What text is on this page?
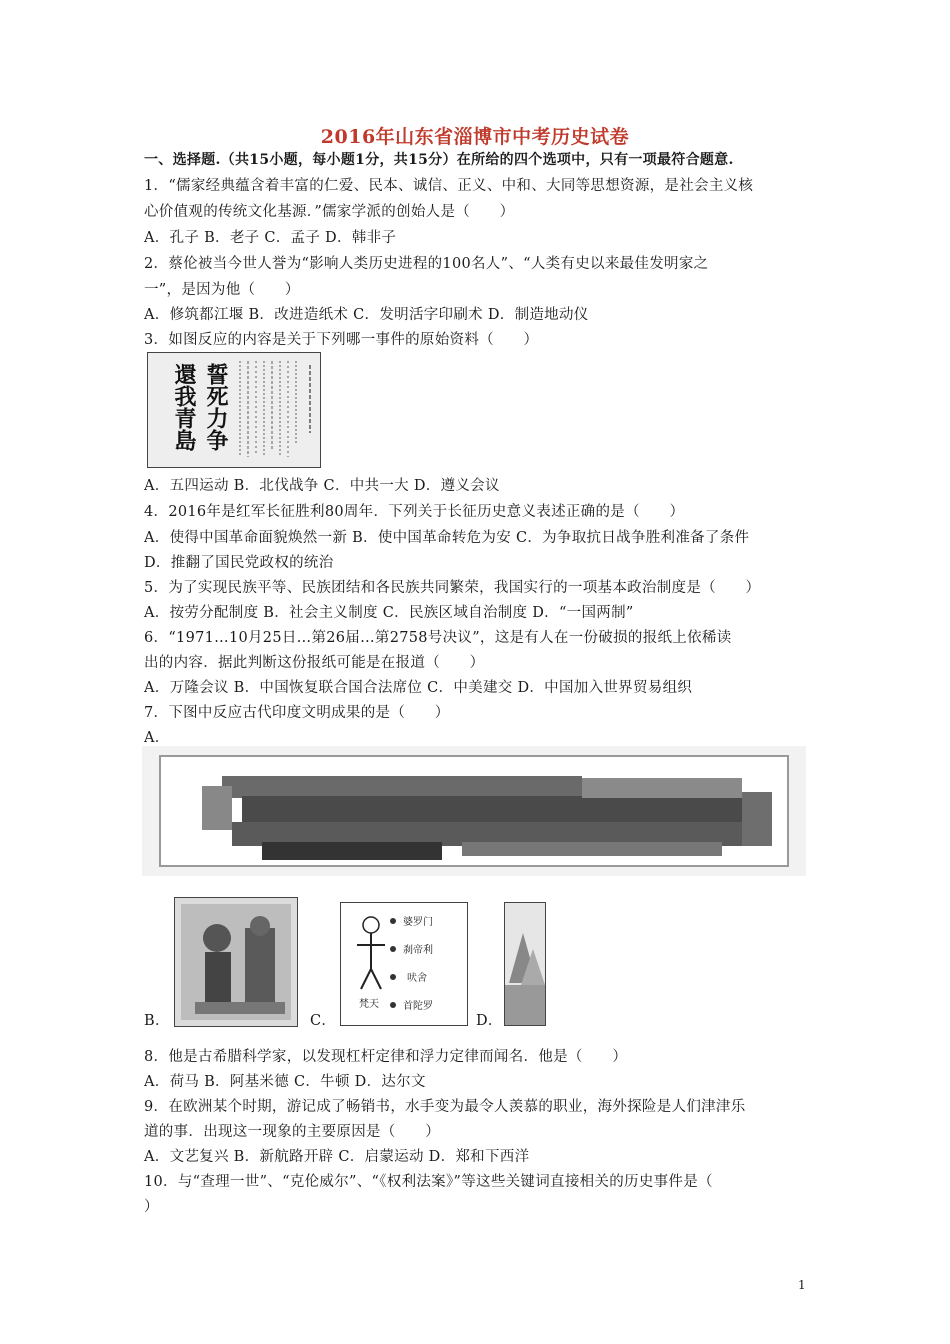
2016年山东省淄博市中考历史试卷
一、选择题.（共15小题，每小题1分，共15分）在所给的四个选项中，只有一项最符合题意.
1．“儒家经典蕴含着丰富的仁爱、民本、诚信、正义、中和、大同等思想资源，是社会主义核
心价值观的传统文化基源．”儒家学派的创始人是（　　）
A．孔子 B．老子 C．孟子 D．韩非子
2．蔡伦被当今世人誉为“影响人类历史进程的100名人”、“人类有史以来最佳发明家之
一”，是因为他（　　）
A．修筑都江堰 B．改进造纸术 C．发明活字印刷术 D．制造地动仪
3．如图反应的内容是关于下列哪一事件的原始资料（　　）
還我青島 誓死力争
A．五四运动 B．北伐战争 C．中共一大 D．遵义会议
4．2016年是红军长征胜利80周年．下列关于长征历史意义表述正确的是（　　）
A．使得中国革命面貌焕然一新 B．使中国革命转危为安 C．为争取抗日战争胜利准备了条件
D．推翻了国民党政权的统治
5．为了实现民族平等、民族团结和各民族共同繁荣，我国实行的一项基本政治制度是（　　）
A．按劳分配制度 B．社会主义制度 C．民族区域自治制度 D．“一国两制”
6．“1971…10月25日…第26届…第2758号决议”，这是有人在一份破损的报纸上依稀读
出的内容．据此判断这份报纸可能是在报道（　　）
A．万隆会议 B．中国恢复联合国合法席位 C．中美建交 D．中国加入世界贸易组织
7．下图中反应古代印度文明成果的是（　　）
A．
B．
婆罗门
刹帝利
吠舍
首陀罗
梵天
C．	D．
8．他是古希腊科学家，以发现杠杆定律和浮力定律而闻名．他是（　　）
A．荷马 B．阿基米德 C．牛顿 D．达尔文
9．在欧洲某个时期，游记成了畅销书，水手变为最令人羡慕的职业，海外探险是人们津津乐
道的事．出现这一现象的主要原因是（　　）
A．文艺复兴 B．新航路开辟 C．启蒙运动 D．郑和下西洋
10．与“查理一世”、“克伦威尔”、“《权利法案》”等这些关键词直接相关的历史事件是（
）
1
